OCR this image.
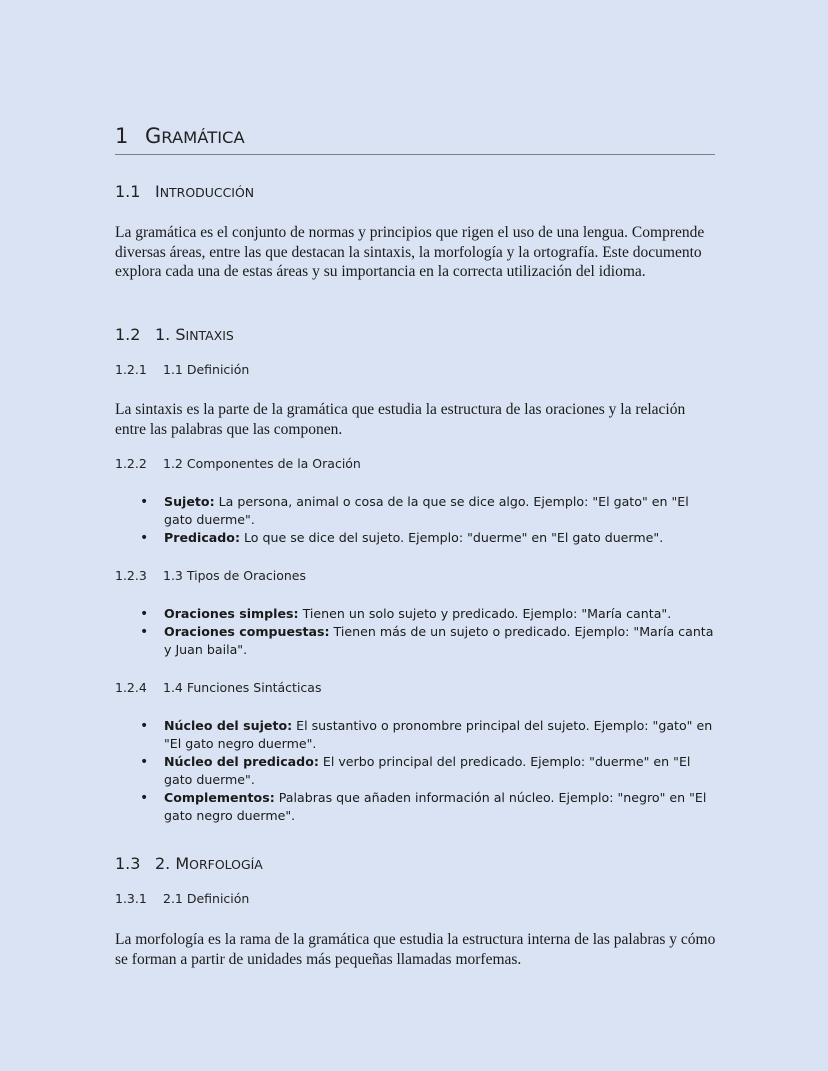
1 GRAMÁTICA
1.1 INTRODUCCIÓN
La gramática es el conjunto de normas y principios que rigen el uso de una lengua. Comprende diversas áreas, entre las que destacan la sintaxis, la morfología y la ortografía. Este documento explora cada una de estas áreas y su importancia en la correcta utilización del idioma.
1.2 1. SINTAXIS
1.2.1 1.1 Definición
La sintaxis es la parte de la gramática que estudia la estructura de las oraciones y la relación entre las palabras que las componen.
1.2.2 1.2 Componentes de la Oración
• Sujeto: La persona, animal o cosa de la que se dice algo. Ejemplo: "El gato" en "El gato duerme".
• Predicado: Lo que se dice del sujeto. Ejemplo: "duerme" en "El gato duerme".
1.2.3 1.3 Tipos de Oraciones
• Oraciones simples: Tienen un solo sujeto y predicado. Ejemplo: "María canta".
• Oraciones compuestas: Tienen más de un sujeto o predicado. Ejemplo: "María canta y Juan baila".
1.2.4 1.4 Funciones Sintácticas
• Núcleo del sujeto: El sustantivo o pronombre principal del sujeto. Ejemplo: "gato" en "El gato negro duerme".
• Núcleo del predicado: El verbo principal del predicado. Ejemplo: "duerme" en "El gato duerme".
• Complementos: Palabras que añaden información al núcleo. Ejemplo: "negro" en "El gato negro duerme".
1.3 2. MORFOLOGÍA
1.3.1 2.1 Definición
La morfología es la rama de la gramática que estudia la estructura interna de las palabras y cómo se forman a partir de unidades más pequeñas llamadas morfemas.
